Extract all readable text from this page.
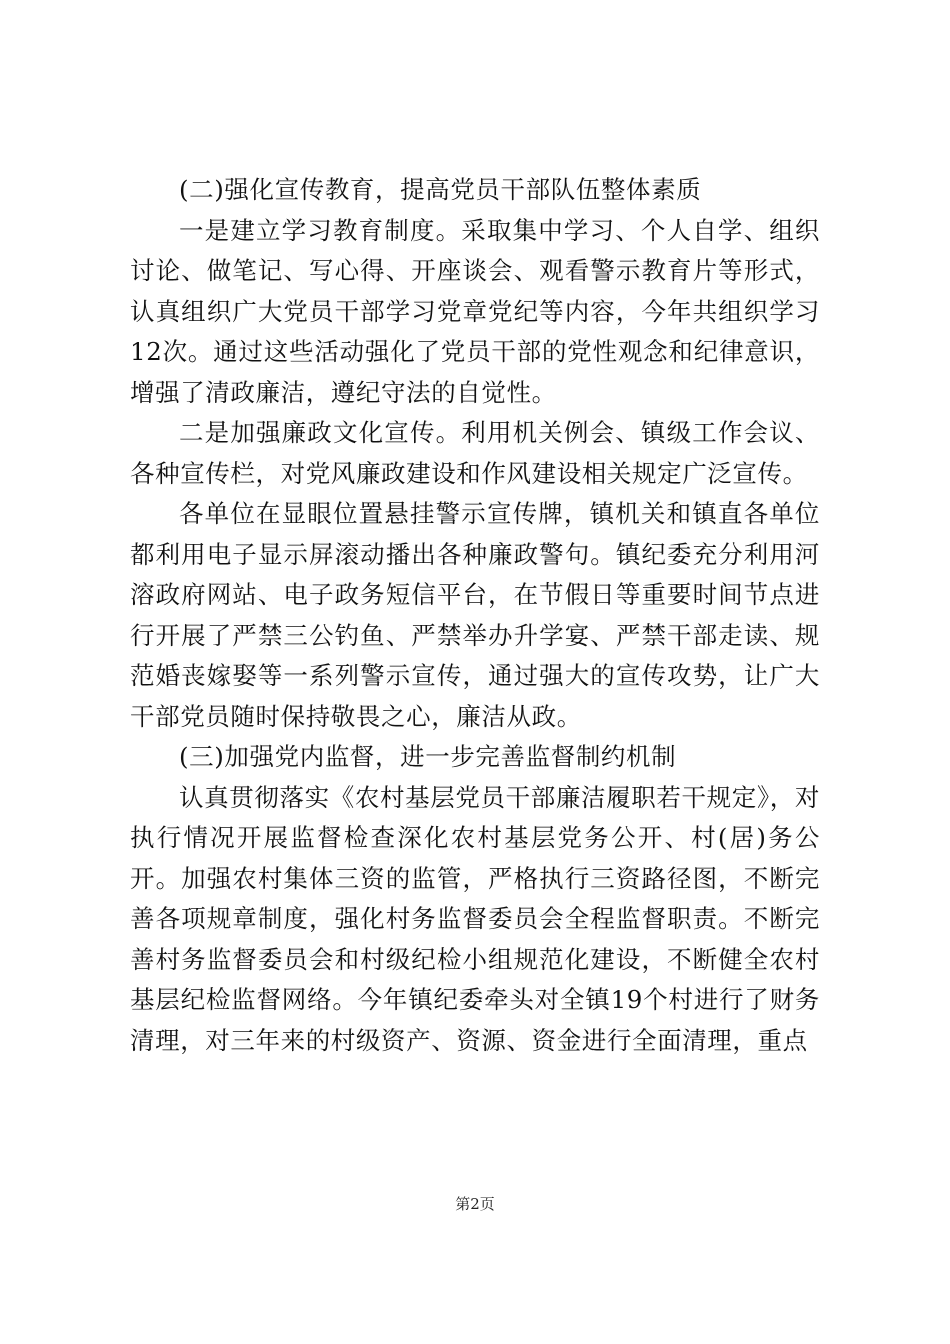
(二)强化宣传教育，提高党员干部队伍整体素质

一是建立学习教育制度。采取集中学习、个人自学、组织讨论、做笔记、写心得、开座谈会、观看警示教育片等形式，认真组织广大党员干部学习党章党纪等内容，今年共组织学习12次。通过这些活动强化了党员干部的党性观念和纪律意识，增强了清政廉洁，遵纪守法的自觉性。

二是加强廉政文化宣传。利用机关例会、镇级工作会议、各种宣传栏，对党风廉政建设和作风建设相关规定广泛宣传。

各单位在显眼位置悬挂警示宣传牌，镇机关和镇直各单位都利用电子显示屏滚动播出各种廉政警句。镇纪委充分利用河溶政府网站、电子政务短信平台，在节假日等重要时间节点进行开展了严禁三公钓鱼、严禁举办升学宴、严禁干部走读、规范婚丧嫁娶等一系列警示宣传，通过强大的宣传攻势，让广大干部党员随时保持敬畏之心，廉洁从政。

(三)加强党内监督，进一步完善监督制约机制

认真贯彻落实《农村基层党员干部廉洁履职若干规定》，对执行情况开展监督检查深化农村基层党务公开、村(居)务公开。加强农村集体三资的监管，严格执行三资路径图，不断完善各项规章制度，强化村务监督委员会全程监督职责。不断完善村务监督委员会和村级纪检小组规范化建设，不断健全农村基层纪检监督网络。今年镇纪委牵头对全镇19个村进行了财务清理，对三年来的村级资产、资源、资金进行全面清理，重点

第2页
